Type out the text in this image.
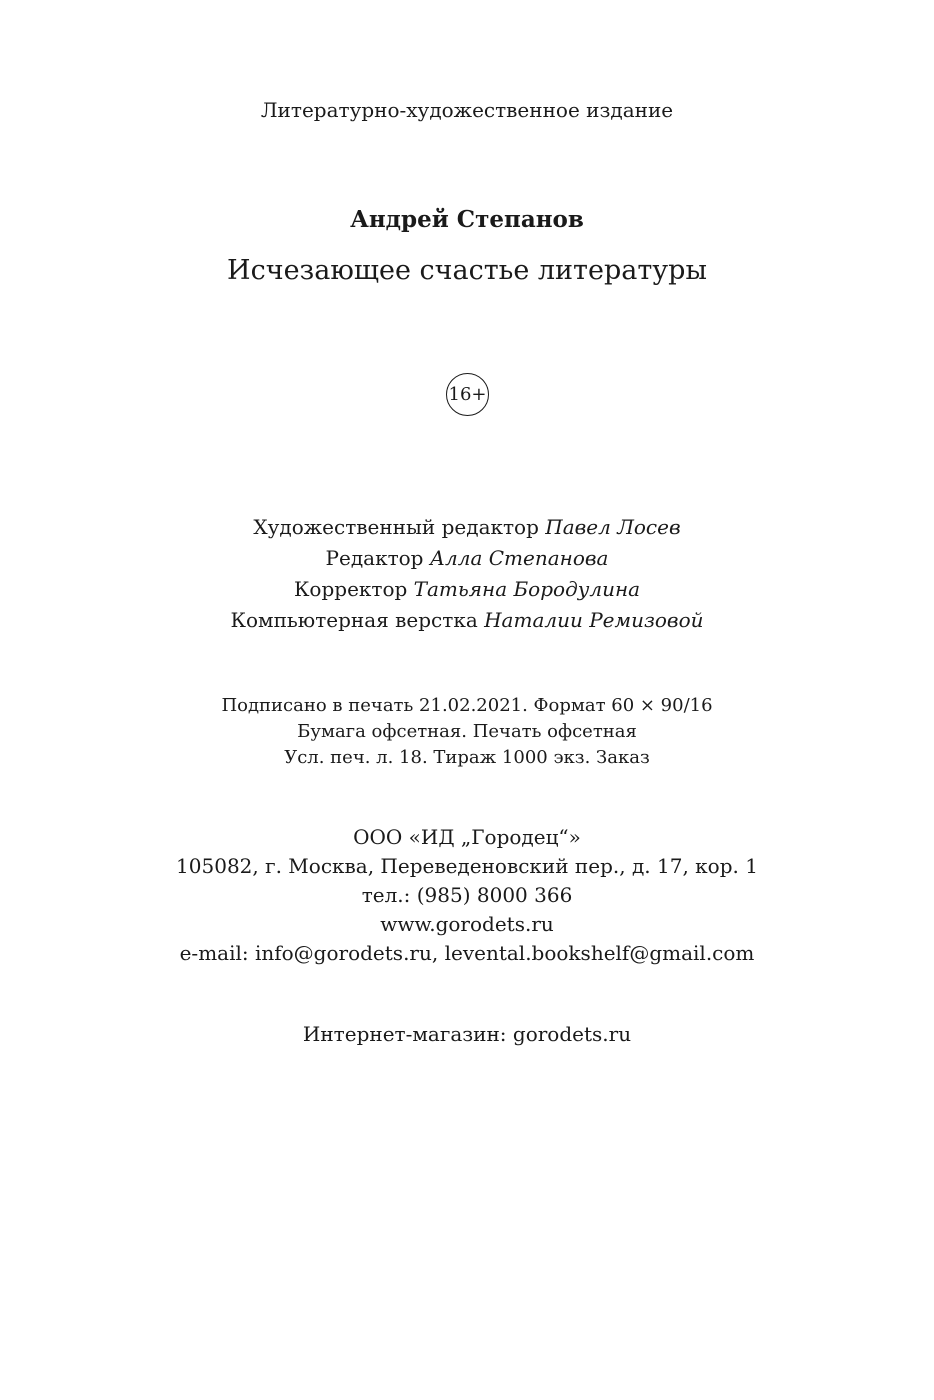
Литературно-художественное издание
Андрей Степанов
Исчезающее счастье литературы
16+
Художественный редактор Павел Лосев
Редактор Алла Степанова
Корректор Татьяна Бородулина
Компьютерная верстка Наталии Ремизовой
Подписано в печать 21.02.2021. Формат 60 × 90/16
Бумага офсетная. Печать офсетная
Усл. печ. л. 18. Тираж 1000 экз. Заказ
ООО «ИД „Городец“»
105082, г. Москва, Переведеновский пер., д. 17, кор. 1
тел.: (985) 8000 366
www.gorodets.ru
e-mail: info@gorodets.ru, levental.bookshelf@gmail.com
Интернет-магазин: gorodets.ru
